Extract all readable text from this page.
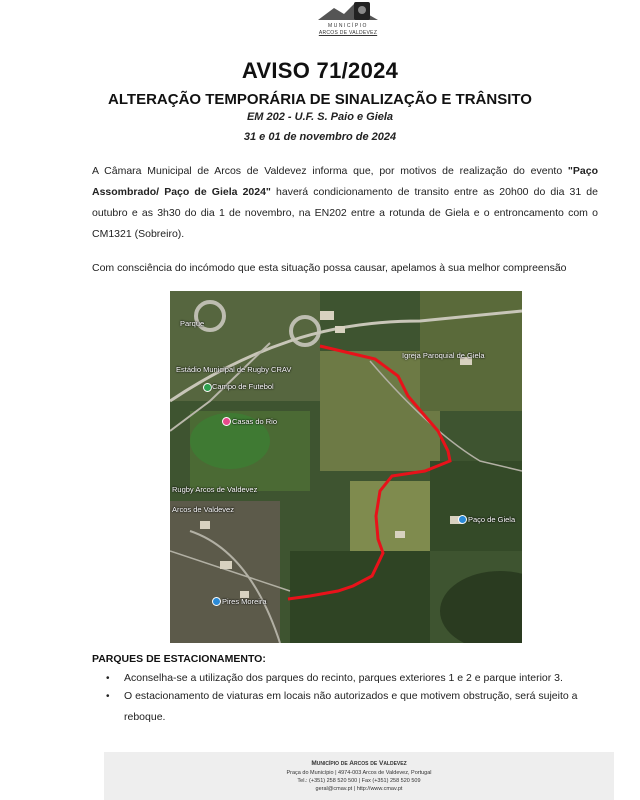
MUNICÍPIO
ARCOS DE VALDEVEZ
AVISO 71/2024
ALTERAÇÃO TEMPORÁRIA DE SINALIZAÇÃO E TRÂNSITO
EM 202 - U.F. S. Paio e Giela
31 e 01 de novembro de 2024
A Câmara Municipal de Arcos de Valdevez informa que, por motivos de realização do evento "Paço Assombrado/ Paço de Giela 2024" haverá condicionamento de transito entre as 20h00 do dia 31 de outubro e as 3h30 do dia 1 de novembro, na EN202 entre a rotunda de Giela e o entroncamento com o CM1321 (Sobreiro).
Com consciência do incómodo que esta situação possa causar, apelamos à sua melhor compreensão
Parque
Estádio Municipal de Rugby CRAV
Campo de Futebol
Casas do Rio
Igreja Paroquial de Giela
Rugby Arcos de Valdevez
Arcos de Valdevez
Paço de Giela
Pires Moreira
PARQUES DE ESTACIONAMENTO:
• Aconselha-se a utilização dos parques do recinto, parques exteriores 1 e 2 e parque interior 3.
• O estacionamento de viaturas em locais não autorizados e que motivem obstrução, será sujeito a reboque.
Município de Arcos de Valdevez
Praça do Município | 4974-003 Arcos de Valdevez, Portugal
Tel.: (+351) 258 520 500 | Fax (+351) 258 520 509
geral@cmav.pt | http://www.cmav.pt
